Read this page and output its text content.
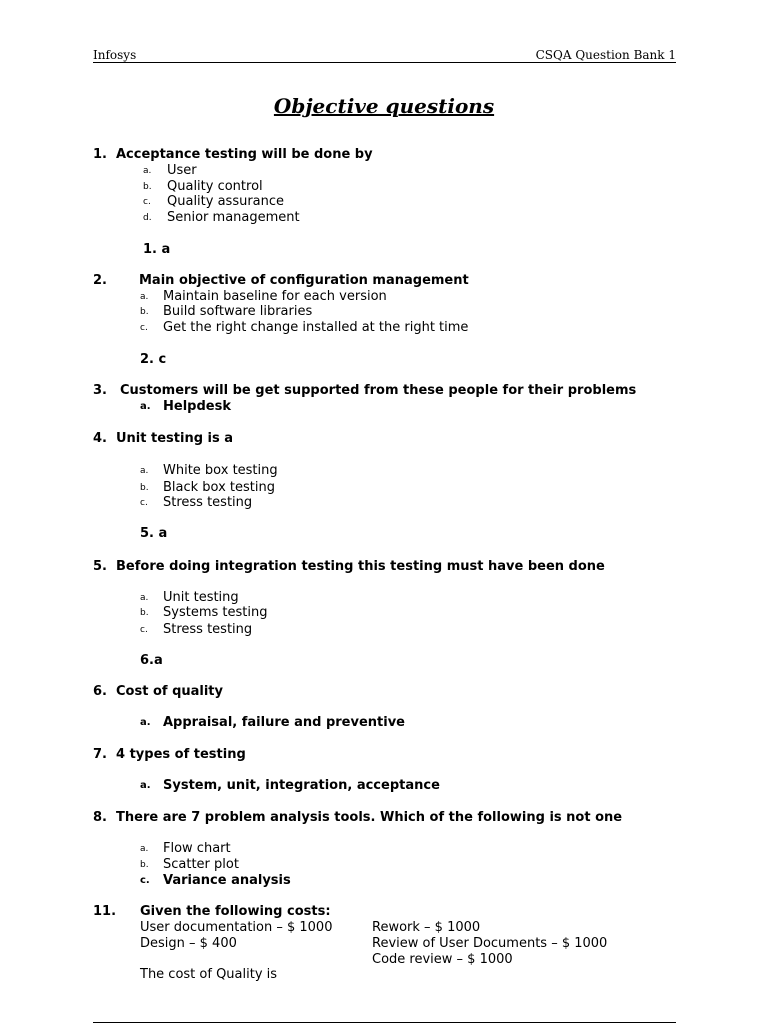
Infosys	CSQA Question Bank 1
Objective questions
1. Acceptance testing will be done by
a. User
b. Quality control
c. Quality assurance
d. Senior management
1. a
2. Main objective of configuration management
a. Maintain baseline for each version
b. Build software libraries
c. Get the right change installed at the right time
2. c
3. Customers will be get supported from these people for their problems
a. Helpdesk
4. Unit testing is a
a. White box testing
b. Black box testing
c. Stress testing
5. a
5. Before doing integration testing this testing must have been done
a. Unit testing
b. Systems testing
c. Stress testing
6.a
6. Cost of quality
a. Appraisal, failure and preventive
7. 4 types of testing
a. System, unit, integration, acceptance
8. There are 7 problem analysis tools. Which of the following is not one
a. Flow chart
b. Scatter plot
c. Variance analysis
11. Given the following costs:
User documentation – $ 1000
Design – $ 400
Rework – $ 1000
Review of User Documents – $ 1000
Code review – $ 1000
The cost of Quality is
